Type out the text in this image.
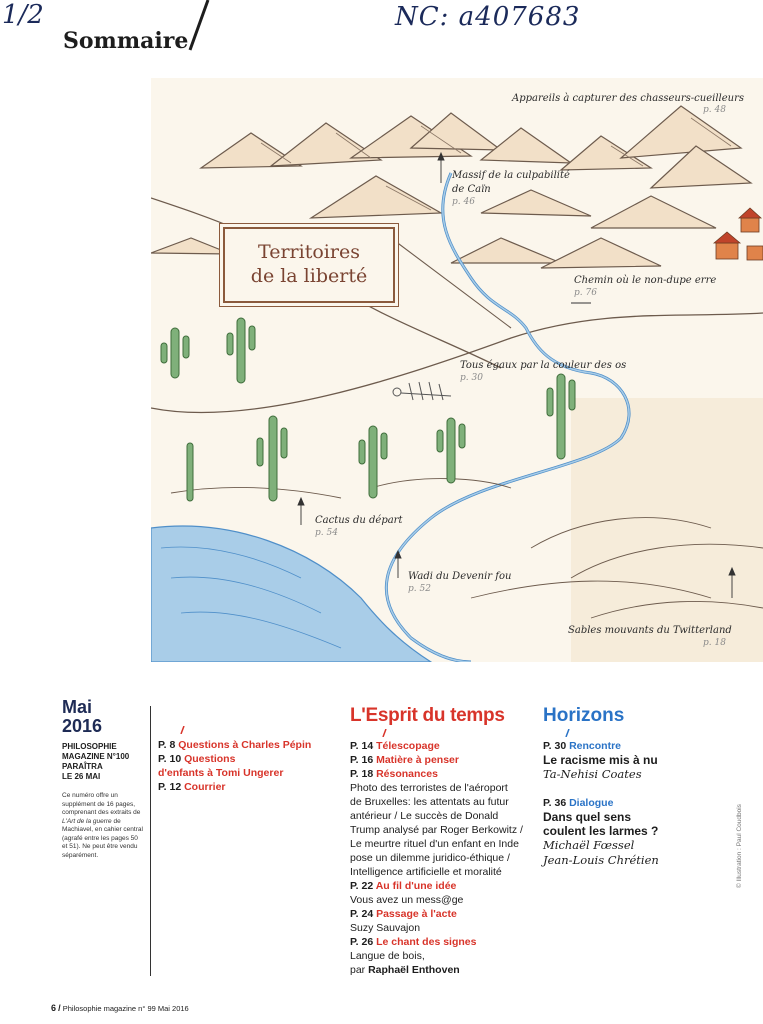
1/2	NC: a407683
Sommaire
Territoires
de la liberté
Appareils à capturer des chasseurs-cueilleurs
p. 48
Massif de la culpabilité
de Caïn
p. 46
Chemin où le non-dupe erre
p. 76
Tous égaux par la couleur des os
p. 30
Cactus du départ
p. 54
Wadi du Devenir fou
p. 52
Sables mouvants du Twitterland
p. 18
Mai
2016
PHILOSOPHIE
MAGAZINE N°100
PARAÎTRA
LE 26 MAI
Ce numéro offre un supplément de 16 pages, comprenant des extraits de L'Art de la guerre de Machiavel, en cahier central (agrafé entre les pages 50 et 51). Ne peut être vendu séparément.
P. 8 Questions à Charles Pépin
P. 10 Questions
d'enfants à Tomi Ungerer
P. 12 Courrier
L'Esprit du temps
P. 14 Télescopage
P. 16 Matière à penser
P. 18 Résonances
Photo des terroristes de l'aéroport
de Bruxelles: les attentats au futur
antérieur / Le succès de Donald
Trump analysé par Roger Berkowitz /
Le meurtre rituel d'un enfant en Inde
pose un dilemme juridico-éthique /
Intelligence artificielle et moralité
P. 22 Au fil d'une idée
Vous avez un mess@ge
P. 24 Passage à l'acte
Suzy Sauvajon
P. 26 Le chant des signes
Langue de bois,
par Raphaël Enthoven
Horizons
P. 30 Rencontre
Le racisme mis à nu
Ta-Nehisi Coates
P. 36 Dialogue
Dans quel sens
coulent les larmes ?
Michaël Fœssel
Jean-Louis Chrétien	© Illustration : Paul Coudbois
6 / Philosophie magazine n° 99 Mai 2016
